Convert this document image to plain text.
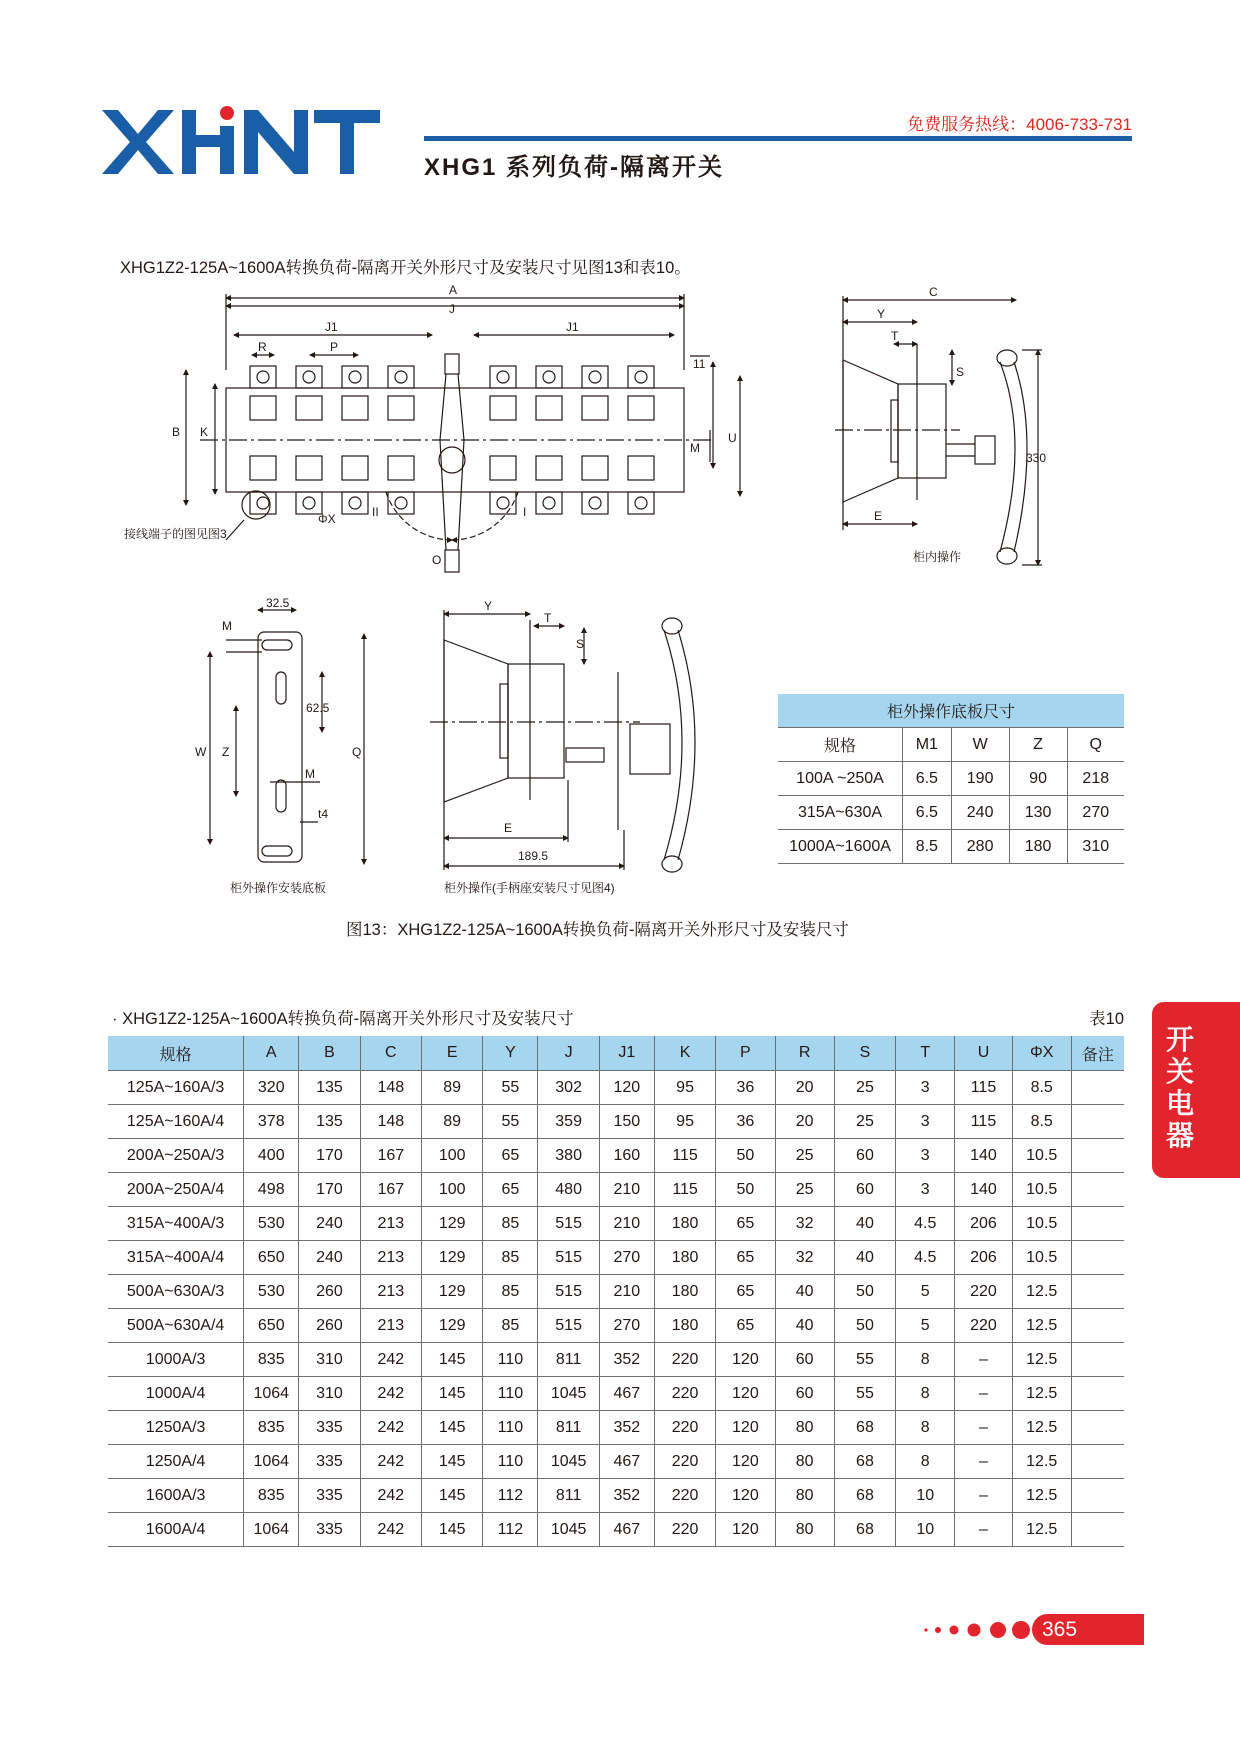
免费服务热线：4006-733-731
XHG1 系列负荷-隔离开关
XHG1Z2-125A~1600A转换负荷-隔离开关外形尺寸及安装尺寸见图13和表10。
A
J
J1	J1
R	P
B K	U
M
11
ΦX	II	I
O
接线端子的图见图3
C
Y
T
S
E
330
柜内操作
32.5
M
W Z
62.5
M
Q
t4
柜外操作安装底板
Y
T
S
E
189.5
柜外操作(手柄座安装尺寸见图4)
柜外操作底板尺寸				
规格	M1	W	Z	Q
100A ~250A	6.5	190	90	218
315A~630A	6.5	240	130	270
1000A~1600A	8.5	280	180	310
图13：XHG1Z2-125A~1600A转换负荷-隔离开关外形尺寸及安装尺寸
· XHG1Z2-125A~1600A转换负荷-隔离开关外形尺寸及安装尺寸	表10
规格	A	B	C	E	Y	J	J1	K	P	R	S	T	U	ΦX	备注
125A~160A/3	320	135	148	89	55	302	120	95	36	20	25	3	115	8.5	
125A~160A/4	378	135	148	89	55	359	150	95	36	20	25	3	115	8.5	
200A~250A/3	400	170	167	100	65	380	160	115	50	25	60	3	140	10.5	
200A~250A/4	498	170	167	100	65	480	210	115	50	25	60	3	140	10.5	
315A~400A/3	530	240	213	129	85	515	210	180	65	32	40	4.5	206	10.5	
315A~400A/4	650	240	213	129	85	515	270	180	65	32	40	4.5	206	10.5	
500A~630A/3	530	260	213	129	85	515	210	180	65	40	50	5	220	12.5	
500A~630A/4	650	260	213	129	85	515	270	180	65	40	50	5	220	12.5	
1000A/3	835	310	242	145	110	811	352	220	120	60	55	8	–	12.5	
1000A/4	1064	310	242	145	110	1045	467	220	120	60	55	8	–	12.5	
1250A/3	835	335	242	145	110	811	352	220	120	80	68	8	–	12.5	
1250A/4	1064	335	242	145	110	1045	467	220	120	80	68	8	–	12.5	
1600A/3	835	335	242	145	112	811	352	220	120	80	68	10	–	12.5	
1600A/4	1064	335	242	145	112	1045	467	220	120	80	68	10	–	12.5	
开
关
电
器
365
